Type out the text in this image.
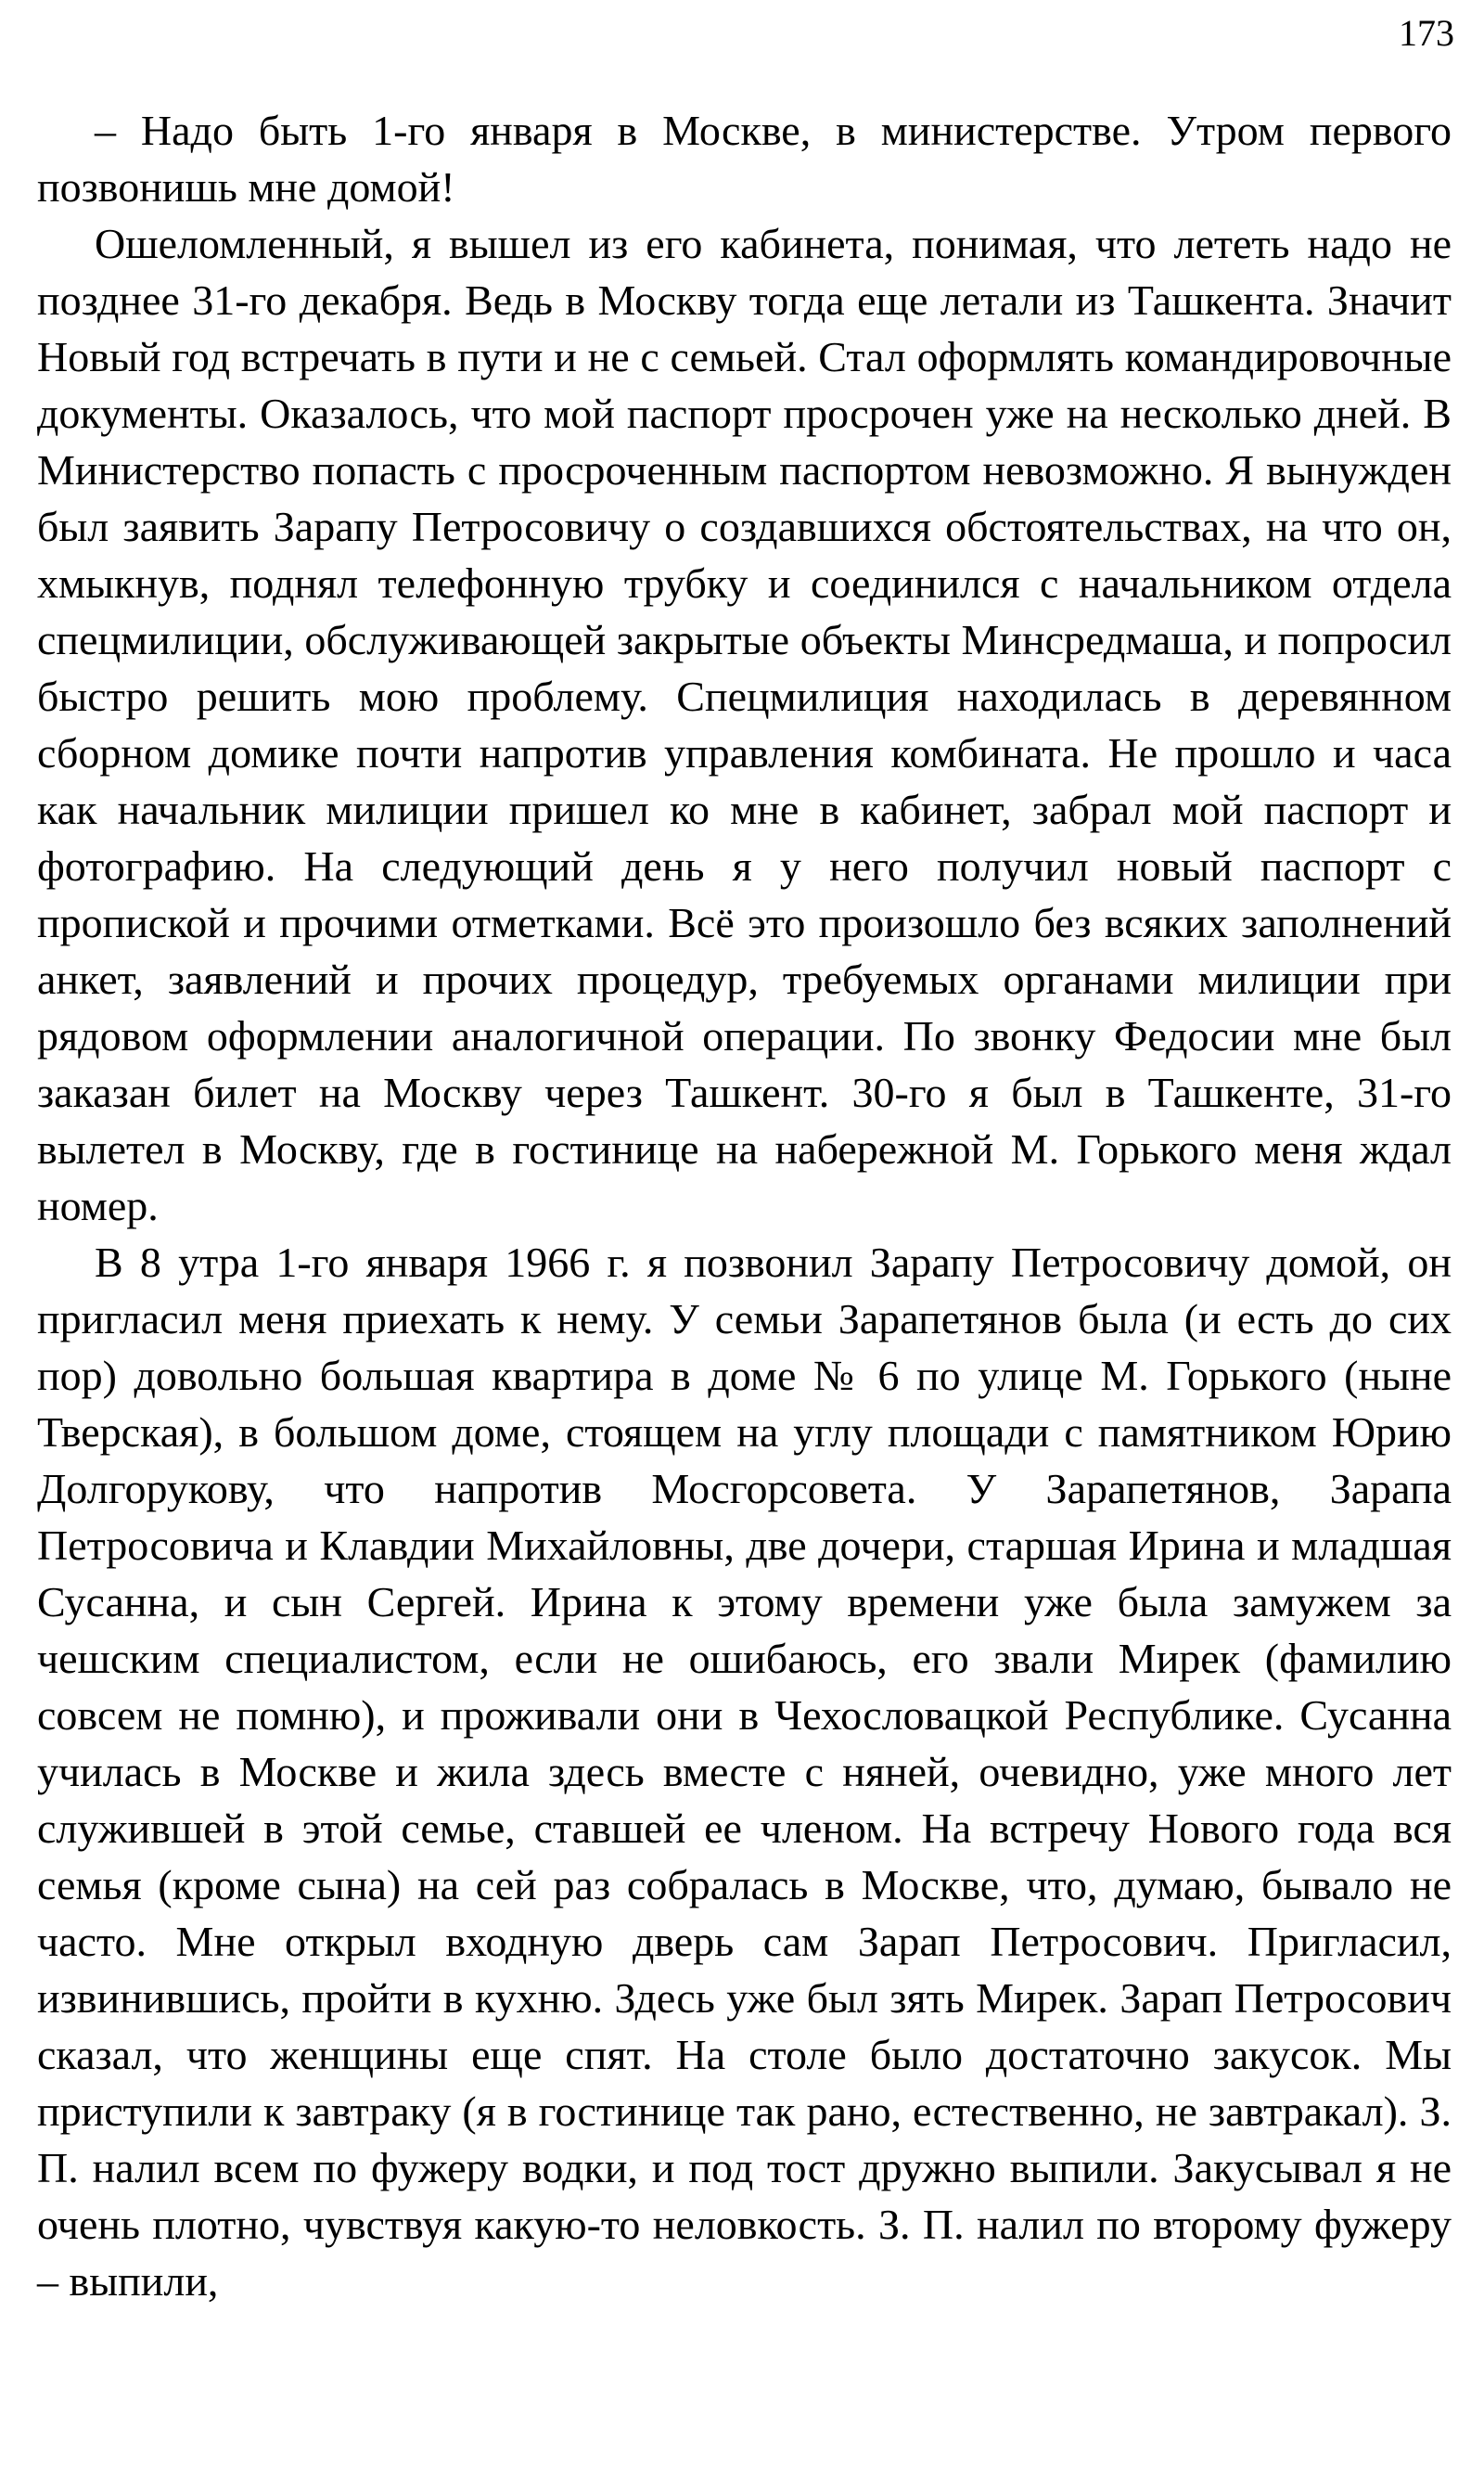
173

– Надо быть 1-го января в Москве, в министерстве. Утром первого позвонишь мне домой!

Ошеломленный, я вышел из его кабинета, понимая, что лететь надо не позднее 31-го декабря. Ведь в Москву тогда еще летали из Ташкента. Значит Новый год встречать в пути и не с семьей. Стал оформлять командировочные документы. Оказалось, что мой паспорт просрочен уже на несколько дней. В Министерство попасть с просроченным паспортом невозможно. Я вынужден был заявить Зарапу Петросовичу о создавшихся обстоятельствах, на что он, хмыкнув, поднял телефонную трубку и соединился с начальником отдела спецмилиции, обслуживающей закрытые объекты Минсредмаша, и попросил быстро решить мою проблему. Спецмилиция находилась в деревянном сборном домике почти напротив управления комбината. Не прошло и часа как начальник милиции пришел ко мне в кабинет, забрал мой паспорт и фотографию. На следующий день я у него получил новый паспорт с пропиской и прочими отметками. Всё это произошло без всяких заполнений анкет, заявлений и прочих процедур, требуемых органами милиции при рядовом оформлении аналогичной операции. По звонку Федосии мне был заказан билет на Москву через Ташкент. 30-го я был в Ташкенте, 31-го вылетел в Москву, где в гостинице на набережной М. Горького меня ждал номер.

В 8 утра 1-го января 1966 г. я позвонил Зарапу Петросовичу домой, он пригласил меня приехать к нему. У семьи Зарапетянов была (и есть до сих пор) довольно большая квартира в доме № 6 по улице М. Горького (ныне Тверская), в большом доме, стоящем на углу площади с памятником Юрию Долгорукову, что напротив Мосгорсовета. У Зарапетянов, Зарапа Петросовича и Клавдии Михайловны, две дочери, старшая Ирина и младшая Сусанна, и сын Сергей. Ирина к этому времени уже была замужем за чешским специалистом, если не ошибаюсь, его звали Мирек (фамилию совсем не помню), и проживали они в Чехословацкой Республике. Сусанна училась в Москве и жила здесь вместе с няней, очевидно, уже много лет служившей в этой семье, ставшей ее членом. На встречу Нового года вся семья (кроме сына) на сей раз собралась в Москве, что, думаю, бывало не часто. Мне открыл входную дверь сам Зарап Петросович. Пригласил, извинившись, пройти в кухню. Здесь уже был зять Мирек. Зарап Петросович сказал, что женщины еще спят. На столе было достаточно закусок. Мы приступили к завтраку (я в гостинице так рано, естественно, не завтракал). З. П. налил всем по фужеру водки, и под тост дружно выпили. Закусывал я не очень плотно, чувствуя какую-то неловкость. З. П. налил по второму фужеру – выпили,
